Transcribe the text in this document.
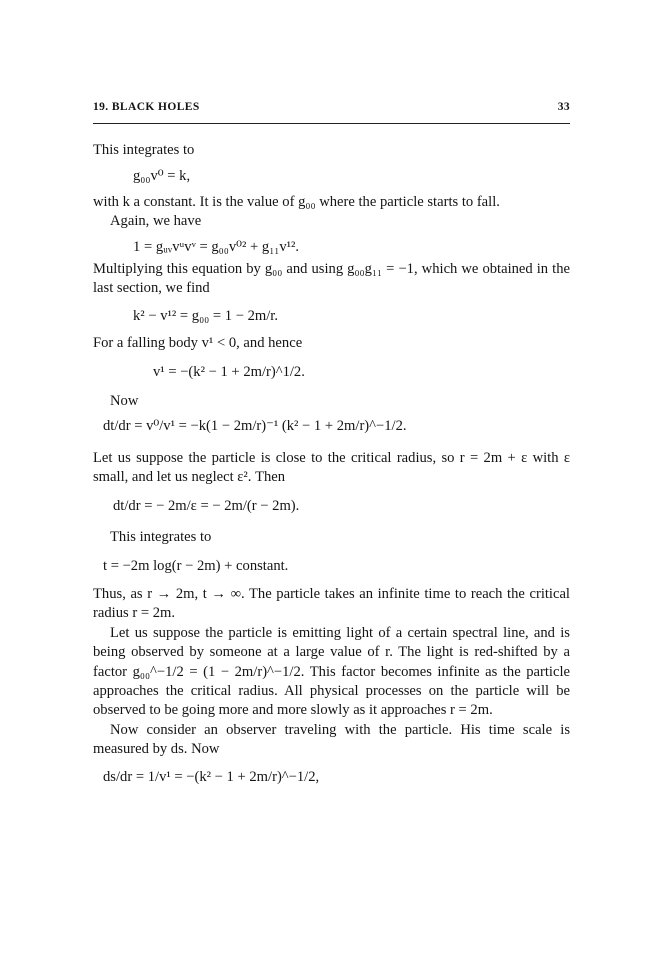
19. BLACK HOLES	33

This integrates to

g₀₀v⁰ = k,

with k a constant. It is the value of g₀₀ where the particle starts to fall.

Again, we have

1 = gᵤᵥvᵘvᵛ = g₀₀v⁰² + g₁₁v¹².

Multiplying this equation by g₀₀ and using g₀₀g₁₁ = −1, which we obtained in the last section, we find

k² − v¹² = g₀₀ = 1 − 2m/r.

For a falling body v¹ < 0, and hence

v¹ = −(k² − 1 + 2m/r)^1/2.

Now

dt/dr = v⁰/v¹ = −k(1 − 2m/r)⁻¹ (k² − 1 + 2m/r)^−1/2.

Let us suppose the particle is close to the critical radius, so r = 2m + ε with ε small, and let us neglect ε². Then

dt/dr = − 2m/ε = − 2m/(r − 2m).

This integrates to

t = −2m log(r − 2m) + constant.

Thus, as r → 2m, t → ∞. The particle takes an infinite time to reach the critical radius r = 2m.

Let us suppose the particle is emitting light of a certain spectral line, and is being observed by someone at a large value of r. The light is red-shifted by a factor g₀₀^−1/2 = (1 − 2m/r)^−1/2. This factor becomes infinite as the particle approaches the critical radius. All physical processes on the particle will be observed to be going more and more slowly as it approaches r = 2m.

Now consider an observer traveling with the particle. His time scale is measured by ds. Now

ds/dr = 1/v¹ = −(k² − 1 + 2m/r)^−1/2,
